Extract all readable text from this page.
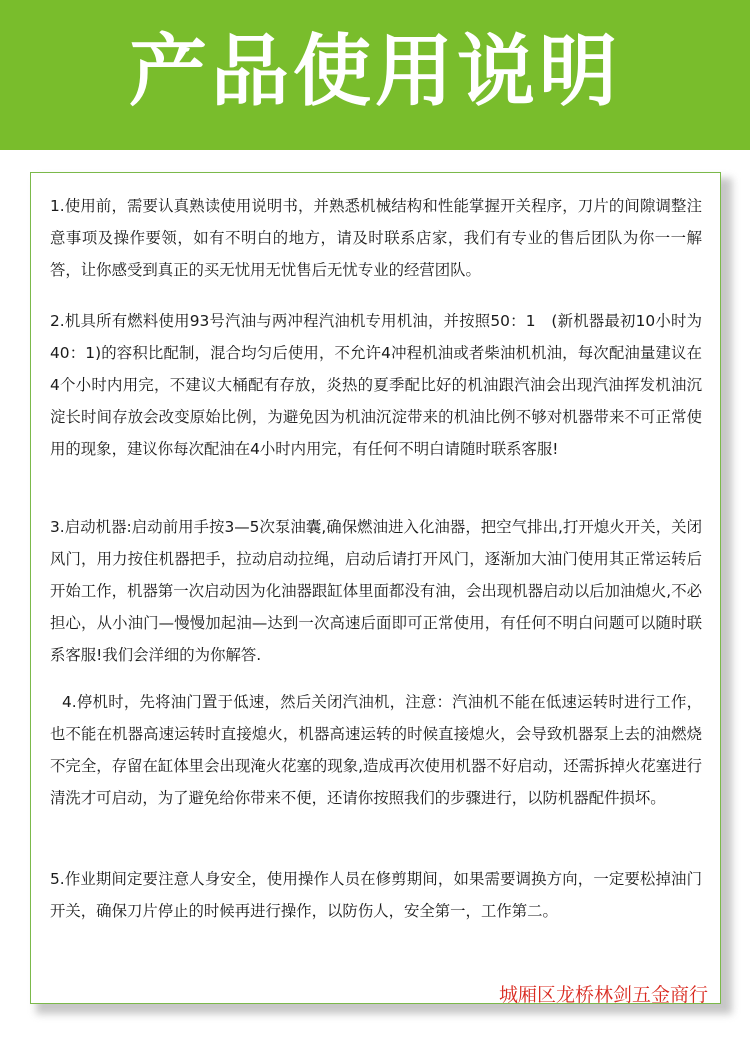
产品使用说明

1.使用前，需要认真熟读使用说明书，并熟悉机械结构和性能掌握开关程序，刀片的间隙调整注意事项及操作要领，如有不明白的地方，请及时联系店家，我们有专业的售后团队为你一一解答，让你感受到真正的买无忧用无忧售后无忧专业的经营团队。

2.机具所有燃料使用93号汽油与两冲程汽油机专用机油，并按照50：1　(新机器最初10小时为40：1)的容积比配制，混合均匀后使用，不允许4冲程机油或者柴油机机油，每次配油量建议在4个小时内用完，不建议大桶配有存放，炎热的夏季配比好的机油跟汽油会出现汽油挥发机油沉淀长时间存放会改变原始比例，为避免因为机油沉淀带来的机油比例不够对机器带来不可正常使用的现象，建议你每次配油在4小时内用完，有任何不明白请随时联系客服!

3.启动机器:启动前用手按3—5次泵油囊,确保燃油进入化油器，把空气排出,打开熄火开关，关闭风门，用力按住机器把手，拉动启动拉绳，启动后请打开风门，逐渐加大油门使用其正常运转后开始工作，机器第一次启动因为化油器跟缸体里面都没有油，会出现机器启动以后加油熄火,不必担心，从小油门—慢慢加起油—达到一次高速后面即可正常使用，有任何不明白问题可以随时联系客服!我们会洋细的为你解答.

4.停机时，先将油门置于低速，然后关闭汽油机，注意：汽油机不能在低速运转时进行工作，也不能在机器高速运转时直接熄火，机器高速运转的时候直接熄火，会导致机器泵上去的油燃烧不完全，存留在缸体里会出现淹火花塞的现象,造成再次使用机器不好启动，还需拆掉火花塞进行清洗才可启动，为了避免给你带来不便，还请你按照我们的步骤进行，以防机器配件损坏。

5.作业期间定要注意人身安全，使用操作人员在修剪期间，如果需要调换方向，一定要松掉油门开关，确保刀片停止的时候再进行操作，以防伤人，安全第一，工作第二。

城厢区龙桥林剑五金商行
